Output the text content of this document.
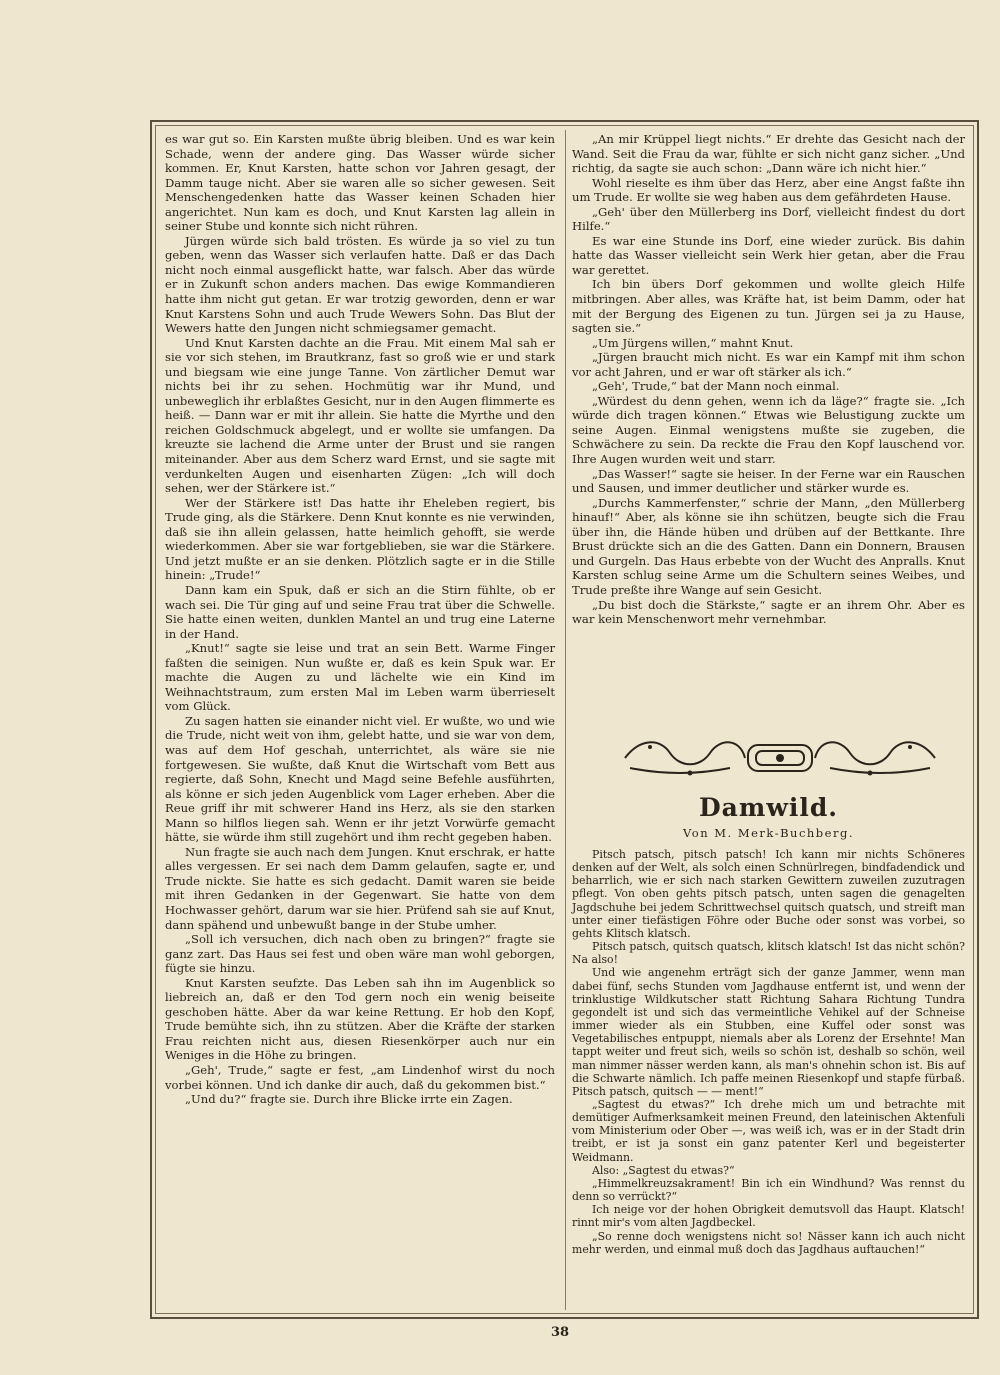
es war gut so. Ein Karsten mußte übrig bleiben. Und es war kein Schade, wenn der andere ging. Das Wasser würde sicher kommen. Er, Knut Karsten, hatte schon vor Jahren gesagt, der Damm tauge nicht. Aber sie waren alle so sicher gewesen. Seit Menschengedenken hatte das Wasser keinen Schaden hier angerichtet. Nun kam es doch, und Knut Karsten lag allein in seiner Stube und konnte sich nicht rühren.

Jürgen würde sich bald trösten. Es würde ja so viel zu tun geben, wenn das Wasser sich verlaufen hatte. Daß er das Dach nicht noch einmal ausgeflickt hatte, war falsch. Aber das würde er in Zukunft schon anders machen. Das ewige Kommandieren hatte ihm nicht gut getan. Er war trotzig geworden, denn er war Knut Karstens Sohn und auch Trude Wewers Sohn. Das Blut der Wewers hatte den Jungen nicht schmiegsamer gemacht.

Und Knut Karsten dachte an die Frau. Mit einem Mal sah er sie vor sich stehen, im Brautkranz, fast so groß wie er und stark und biegsam wie eine junge Tanne. Von zärtlicher Demut war nichts bei ihr zu sehen. Hochmütig war ihr Mund, und unbeweglich ihr erblaßtes Gesicht, nur in den Augen flimmerte es heiß. — Dann war er mit ihr allein. Sie hatte die Myrthe und den reichen Goldschmuck abgelegt, und er wollte sie umfangen. Da kreuzte sie lachend die Arme unter der Brust und sie rangen miteinander. Aber aus dem Scherz ward Ernst, und sie sagte mit verdunkelten Augen und eisenharten Zügen: „Ich will doch sehen, wer der Stärkere ist.“

Wer der Stärkere ist! Das hatte ihr Eheleben regiert, bis Trude ging, als die Stärkere. Denn Knut konnte es nie verwinden, daß sie ihn allein gelassen, hatte heimlich gehofft, sie werde wiederkommen. Aber sie war fortgeblieben, sie war die Stärkere. Und jetzt mußte er an sie denken. Plötzlich sagte er in die Stille hinein: „Trude!“

Dann kam ein Spuk, daß er sich an die Stirn fühlte, ob er wach sei. Die Tür ging auf und seine Frau trat über die Schwelle. Sie hatte einen weiten, dunklen Mantel an und trug eine Laterne in der Hand.

„Knut!“ sagte sie leise und trat an sein Bett. Warme Finger faßten die seinigen. Nun wußte er, daß es kein Spuk war. Er machte die Augen zu und lächelte wie ein Kind im Weihnachtstraum, zum ersten Mal im Leben warm überrieselt vom Glück.

Zu sagen hatten sie einander nicht viel. Er wußte, wo und wie die Trude, nicht weit von ihm, gelebt hatte, und sie war von dem, was auf dem Hof geschah, unterrichtet, als wäre sie nie fortgewesen. Sie wußte, daß Knut die Wirtschaft vom Bett aus regierte, daß Sohn, Knecht und Magd seine Befehle ausführten, als könne er sich jeden Augenblick vom Lager erheben. Aber die Reue griff ihr mit schwerer Hand ins Herz, als sie den starken Mann so hilflos liegen sah. Wenn er ihr jetzt Vorwürfe gemacht hätte, sie würde ihm still zugehört und ihm recht gegeben haben.

Nun fragte sie auch nach dem Jungen. Knut erschrak, er hatte alles vergessen. Er sei nach dem Damm gelaufen, sagte er, und Trude nickte. Sie hatte es sich gedacht. Damit waren sie beide mit ihren Gedanken in der Gegenwart. Sie hatte von dem Hochwasser gehört, darum war sie hier. Prüfend sah sie auf Knut, dann spähend und unbewußt bange in der Stube umher.

„Soll ich versuchen, dich nach oben zu bringen?“ fragte sie ganz zart. Das Haus sei fest und oben wäre man wohl geborgen, fügte sie hinzu.

Knut Karsten seufzte. Das Leben sah ihn im Augenblick so liebreich an, daß er den Tod gern noch ein wenig beiseite geschoben hätte. Aber da war keine Rettung. Er hob den Kopf, Trude bemühte sich, ihn zu stützen. Aber die Kräfte der starken Frau reichten nicht aus, diesen Riesenkörper auch nur ein Weniges in die Höhe zu bringen.

„Geh', Trude,“ sagte er fest, „am Lindenhof wirst du noch vorbei können. Und ich danke dir auch, daß du gekommen bist.“

„Und du?“ fragte sie. Durch ihre Blicke irrte ein Zagen.

„An mir Krüppel liegt nichts.“ Er drehte das Gesicht nach der Wand. Seit die Frau da war, fühlte er sich nicht ganz sicher. „Und richtig, da sagte sie auch schon: „Dann wäre ich nicht hier.“

Wohl rieselte es ihm über das Herz, aber eine Angst faßte ihn um Trude. Er wollte sie weg haben aus dem gefährdeten Hause.

„Geh' über den Müllerberg ins Dorf, vielleicht findest du dort Hilfe.“

Es war eine Stunde ins Dorf, eine wieder zurück. Bis dahin hatte das Wasser vielleicht sein Werk hier getan, aber die Frau war gerettet.

Ich bin übers Dorf gekommen und wollte gleich Hilfe mitbringen. Aber alles, was Kräfte hat, ist beim Damm, oder hat mit der Bergung des Eigenen zu tun. Jürgen sei ja zu Hause, sagten sie.“

„Um Jürgens willen,“ mahnt Knut.

„Jürgen braucht mich nicht. Es war ein Kampf mit ihm schon vor acht Jahren, und er war oft stärker als ich.“

„Geh', Trude,“ bat der Mann noch einmal.

„Würdest du denn gehen, wenn ich da läge?“ fragte sie. „Ich würde dich tragen können.“ Etwas wie Belustigung zuckte um seine Augen. Einmal wenigstens mußte sie zugeben, die Schwächere zu sein. Da reckte die Frau den Kopf lauschend vor. Ihre Augen wurden weit und starr.

„Das Wasser!“ sagte sie heiser. In der Ferne war ein Rauschen und Sausen, und immer deutlicher und stärker wurde es.

„Durchs Kammerfenster,“ schrie der Mann, „den Müllerberg hinauf!“ Aber, als könne sie ihn schützen, beugte sich die Frau über ihn, die Hände hüben und drüben auf der Bettkante. Ihre Brust drückte sich an die des Gatten. Dann ein Donnern, Brausen und Gurgeln. Das Haus erbebte von der Wucht des Anpralls. Knut Karsten schlug seine Arme um die Schultern seines Weibes, und Trude preßte ihre Wange auf sein Gesicht.

„Du bist doch die Stärkste,“ sagte er an ihrem Ohr. Aber es war kein Menschenwort mehr vernehmbar.

Damwild.
Von M. Merk-Buchberg.

Pitsch patsch, pitsch patsch! Ich kann mir nichts Schöneres denken auf der Welt, als solch einen Schnürlregen, bindfadendick und beharrlich, wie er sich nach starken Gewittern zuweilen zuzutragen pflegt. Von oben gehts pitsch patsch, unten sagen die genagelten Jagdschuhe bei jedem Schrittwechsel quitsch quatsch, und streift man unter einer tiefästigen Föhre oder Buche oder sonst was vorbei, so gehts Klitsch klatsch.

Pitsch patsch, quitsch quatsch, klitsch klatsch! Ist das nicht schön? Na also!

Und wie angenehm erträgt sich der ganze Jammer, wenn man dabei fünf, sechs Stunden vom Jagdhause entfernt ist, und wenn der trinklustige Wildkutscher statt Richtung Sahara Richtung Tundra gegondelt ist und sich das vermeintliche Vehikel auf der Schneise immer wieder als ein Stubben, eine Kuffel oder sonst was Vegetabilisches entpuppt, niemals aber als Lorenz der Ersehnte! Man tappt weiter und freut sich, weils so schön ist, deshalb so schön, weil man nimmer nässer werden kann, als man's ohnehin schon ist. Bis auf die Schwarte nämlich. Ich paffe meinen Riesenkopf und stapfe fürbaß. Pitsch patsch, quitsch — — ment!“

„Sagtest du etwas?“ Ich drehe mich um und betrachte mit demütiger Aufmerksamkeit meinen Freund, den lateinischen Aktenfuli vom Ministerium oder Ober —, was weiß ich, was er in der Stadt drin treibt, er ist ja sonst ein ganz patenter Kerl und begeisterter Weidmann.

Also: „Sagtest du etwas?“

„Himmelkreuzsakrament! Bin ich ein Windhund? Was rennst du denn so verrückt?“

Ich neige vor der hohen Obrigkeit demutsvoll das Haupt. Klatsch! rinnt mir's vom alten Jagdbeckel.

„So renne doch wenigstens nicht so! Nässer kann ich auch nicht mehr werden, und einmal muß doch das Jagdhaus auftauchen!“

38
